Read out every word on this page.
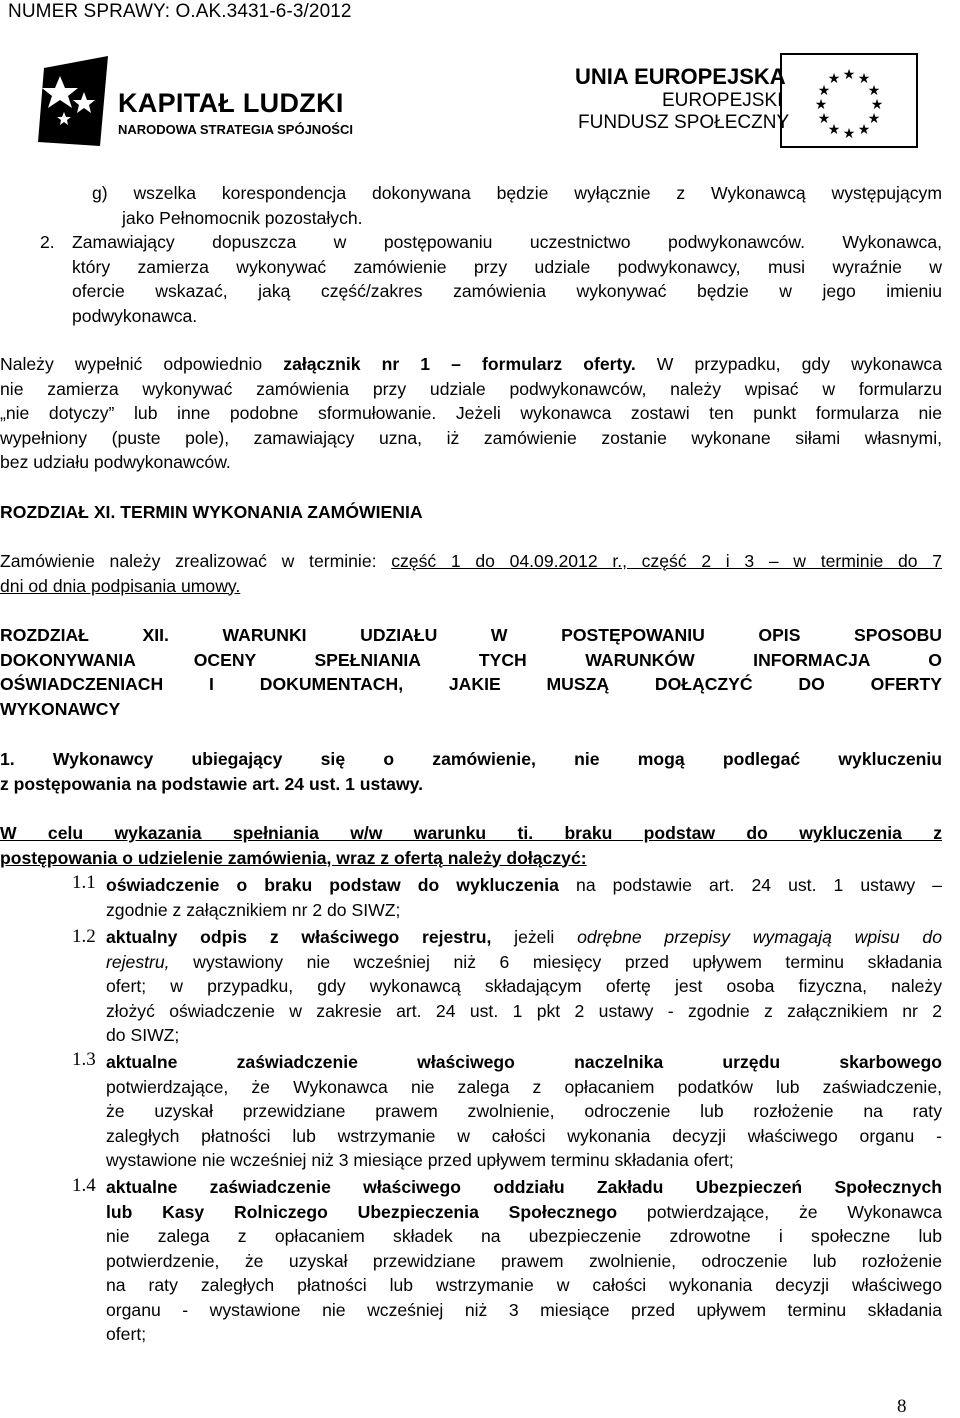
NUMER SPRAWY: O.AK.3431-6-3/2012
KAPITAŁ LUDZKI
NARODOWA STRATEGIA SPÓJNOŚCI
UNIA EUROPEJSKA
EUROPEJSKI
FUNDUSZ SPOŁECZNY
★ ★
★
★
★
★
★
★
★
★
★
★
g) wszelka korespondencja dokonywana będzie wyłącznie z Wykonawcą występującym
jako Pełnomocnik pozostałych.
2. Zamawiający dopuszcza w postępowaniu uczestnictwo podwykonawców. Wykonawca,
który zamierza wykonywać zamówienie przy udziale podwykonawcy, musi wyraźnie w
ofercie wskazać, jaką część/zakres zamówienia wykonywać będzie w jego imieniu
podwykonawca.
Należy wypełnić odpowiednio załącznik nr 1 – formularz oferty. W przypadku, gdy wykonawca
nie zamierza wykonywać zamówienia przy udziale podwykonawców, należy wpisać w formularzu
„nie dotyczy” lub inne podobne sformułowanie. Jeżeli wykonawca zostawi ten punkt formularza nie
wypełniony (puste pole), zamawiający uzna, iż zamówienie zostanie wykonane siłami własnymi,
bez udziału podwykonawców.
ROZDZIAŁ XI. TERMIN WYKONANIA ZAMÓWIENIA
Zamówienie należy zrealizować w terminie: część 1 do 04.09.2012 r., część 2 i 3 – w terminie do 7
dni od dnia podpisania umowy.
ROZDZIAŁ XII. WARUNKI UDZIAŁU W POSTĘPOWANIU OPIS SPOSOBU
DOKONYWANIA OCENY SPEŁNIANIA TYCH WARUNKÓW INFORMACJA O
OŚWIADCZENIACH I DOKUMENTACH, JAKIE MUSZĄ DOŁĄCZYĆ DO OFERTY
WYKONAWCY
1. Wykonawcy ubiegający się o zamówienie, nie mogą podlegać wykluczeniu
z postępowania na podstawie art. 24 ust. 1 ustawy.
W celu wykazania spełniania w/w warunku ti. braku podstaw do wykluczenia z
postępowania o udzielenie zamówienia, wraz z ofertą należy dołączyć:
1.1 oświadczenie o braku podstaw do wykluczenia na podstawie art. 24 ust. 1 ustawy –
zgodnie z załącznikiem nr 2 do SIWZ;
1.2 aktualny odpis z właściwego rejestru, jeżeli odrębne przepisy wymagają wpisu do
rejestru, wystawiony nie wcześniej niż 6 miesięcy przed upływem terminu składania
ofert; w przypadku, gdy wykonawcą składającym ofertę jest osoba fizyczna, należy
złożyć oświadczenie w zakresie art. 24 ust. 1 pkt 2 ustawy - zgodnie z załącznikiem nr 2
do SIWZ;
1.3 aktualne zaświadczenie właściwego naczelnika urzędu skarbowego
potwierdzające, że Wykonawca nie zalega z opłacaniem podatków lub zaświadczenie,
że uzyskał przewidziane prawem zwolnienie, odroczenie lub rozłożenie na raty
zaległych płatności lub wstrzymanie w całości wykonania decyzji właściwego organu -
wystawione nie wcześniej niż 3 miesiące przed upływem terminu składania ofert;
1.4 aktualne zaświadczenie właściwego oddziału Zakładu Ubezpieczeń Społecznych
lub Kasy Rolniczego Ubezpieczenia Społecznego potwierdzające, że Wykonawca
nie zalega z opłacaniem składek na ubezpieczenie zdrowotne i społeczne lub
potwierdzenie, że uzyskał przewidziane prawem zwolnienie, odroczenie lub rozłożenie
na raty zaległych płatności lub wstrzymanie w całości wykonania decyzji właściwego
organu - wystawione nie wcześniej niż 3 miesiące przed upływem terminu składania
ofert;
8
